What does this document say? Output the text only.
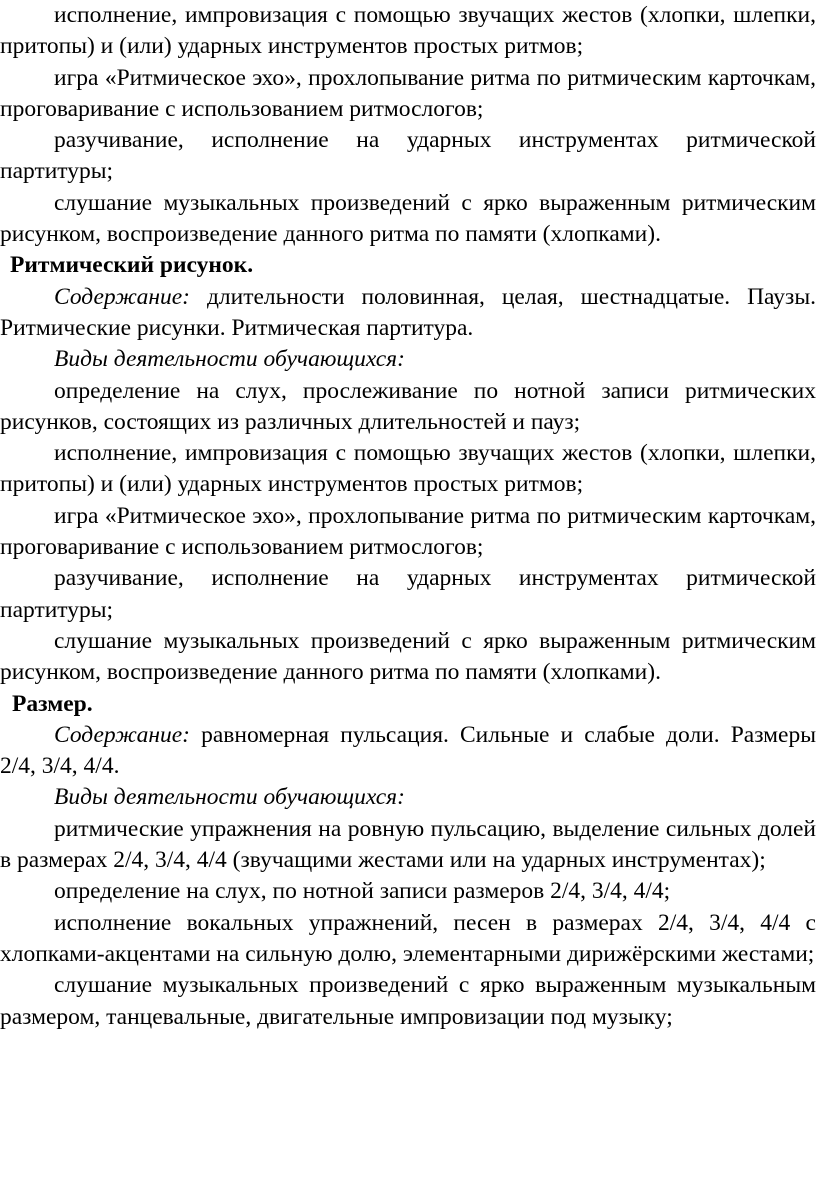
исполнение, импровизация с помощью звучащих жестов (хлопки, шлепки, притопы) и (или) ударных инструментов простых ритмов;

игра «Ритмическое эхо», прохлопывание ритма по ритмическим карточкам, проговаривание с использованием ритмослогов;

разучивание, исполнение на ударных инструментах ритмической партитуры;

слушание музыкальных произведений с ярко выраженным ритмическим рисунком, воспроизведение данного ритма по памяти (хлопками).

Ритмический рисунок.

Содержание: длительности половинная, целая, шестнадцатые. Паузы. Ритмические рисунки. Ритмическая партитура.

Виды деятельности обучающихся:

определение на слух, прослеживание по нотной записи ритмических рисунков, состоящих из различных длительностей и пауз;

исполнение, импровизация с помощью звучащих жестов (хлопки, шлепки, притопы) и (или) ударных инструментов простых ритмов;

игра «Ритмическое эхо», прохлопывание ритма по ритмическим карточкам, проговаривание с использованием ритмослогов;

разучивание, исполнение на ударных инструментах ритмической партитуры;

слушание музыкальных произведений с ярко выраженным ритмическим рисунком, воспроизведение данного ритма по памяти (хлопками).

Размер.

Содержание: равномерная пульсация. Сильные и слабые доли. Размеры 2/4, 3/4, 4/4.

Виды деятельности обучающихся:

ритмические упражнения на ровную пульсацию, выделение сильных долей в размерах 2/4, 3/4, 4/4 (звучащими жестами или на ударных инструментах);

определение на слух, по нотной записи размеров 2/4, 3/4, 4/4;

исполнение вокальных упражнений, песен в размерах 2/4, 3/4, 4/4 с хлопками-акцентами на сильную долю, элементарными дирижёрскими жестами;

слушание музыкальных произведений с ярко выраженным музыкальным размером, танцевальные, двигательные импровизации под музыку;
